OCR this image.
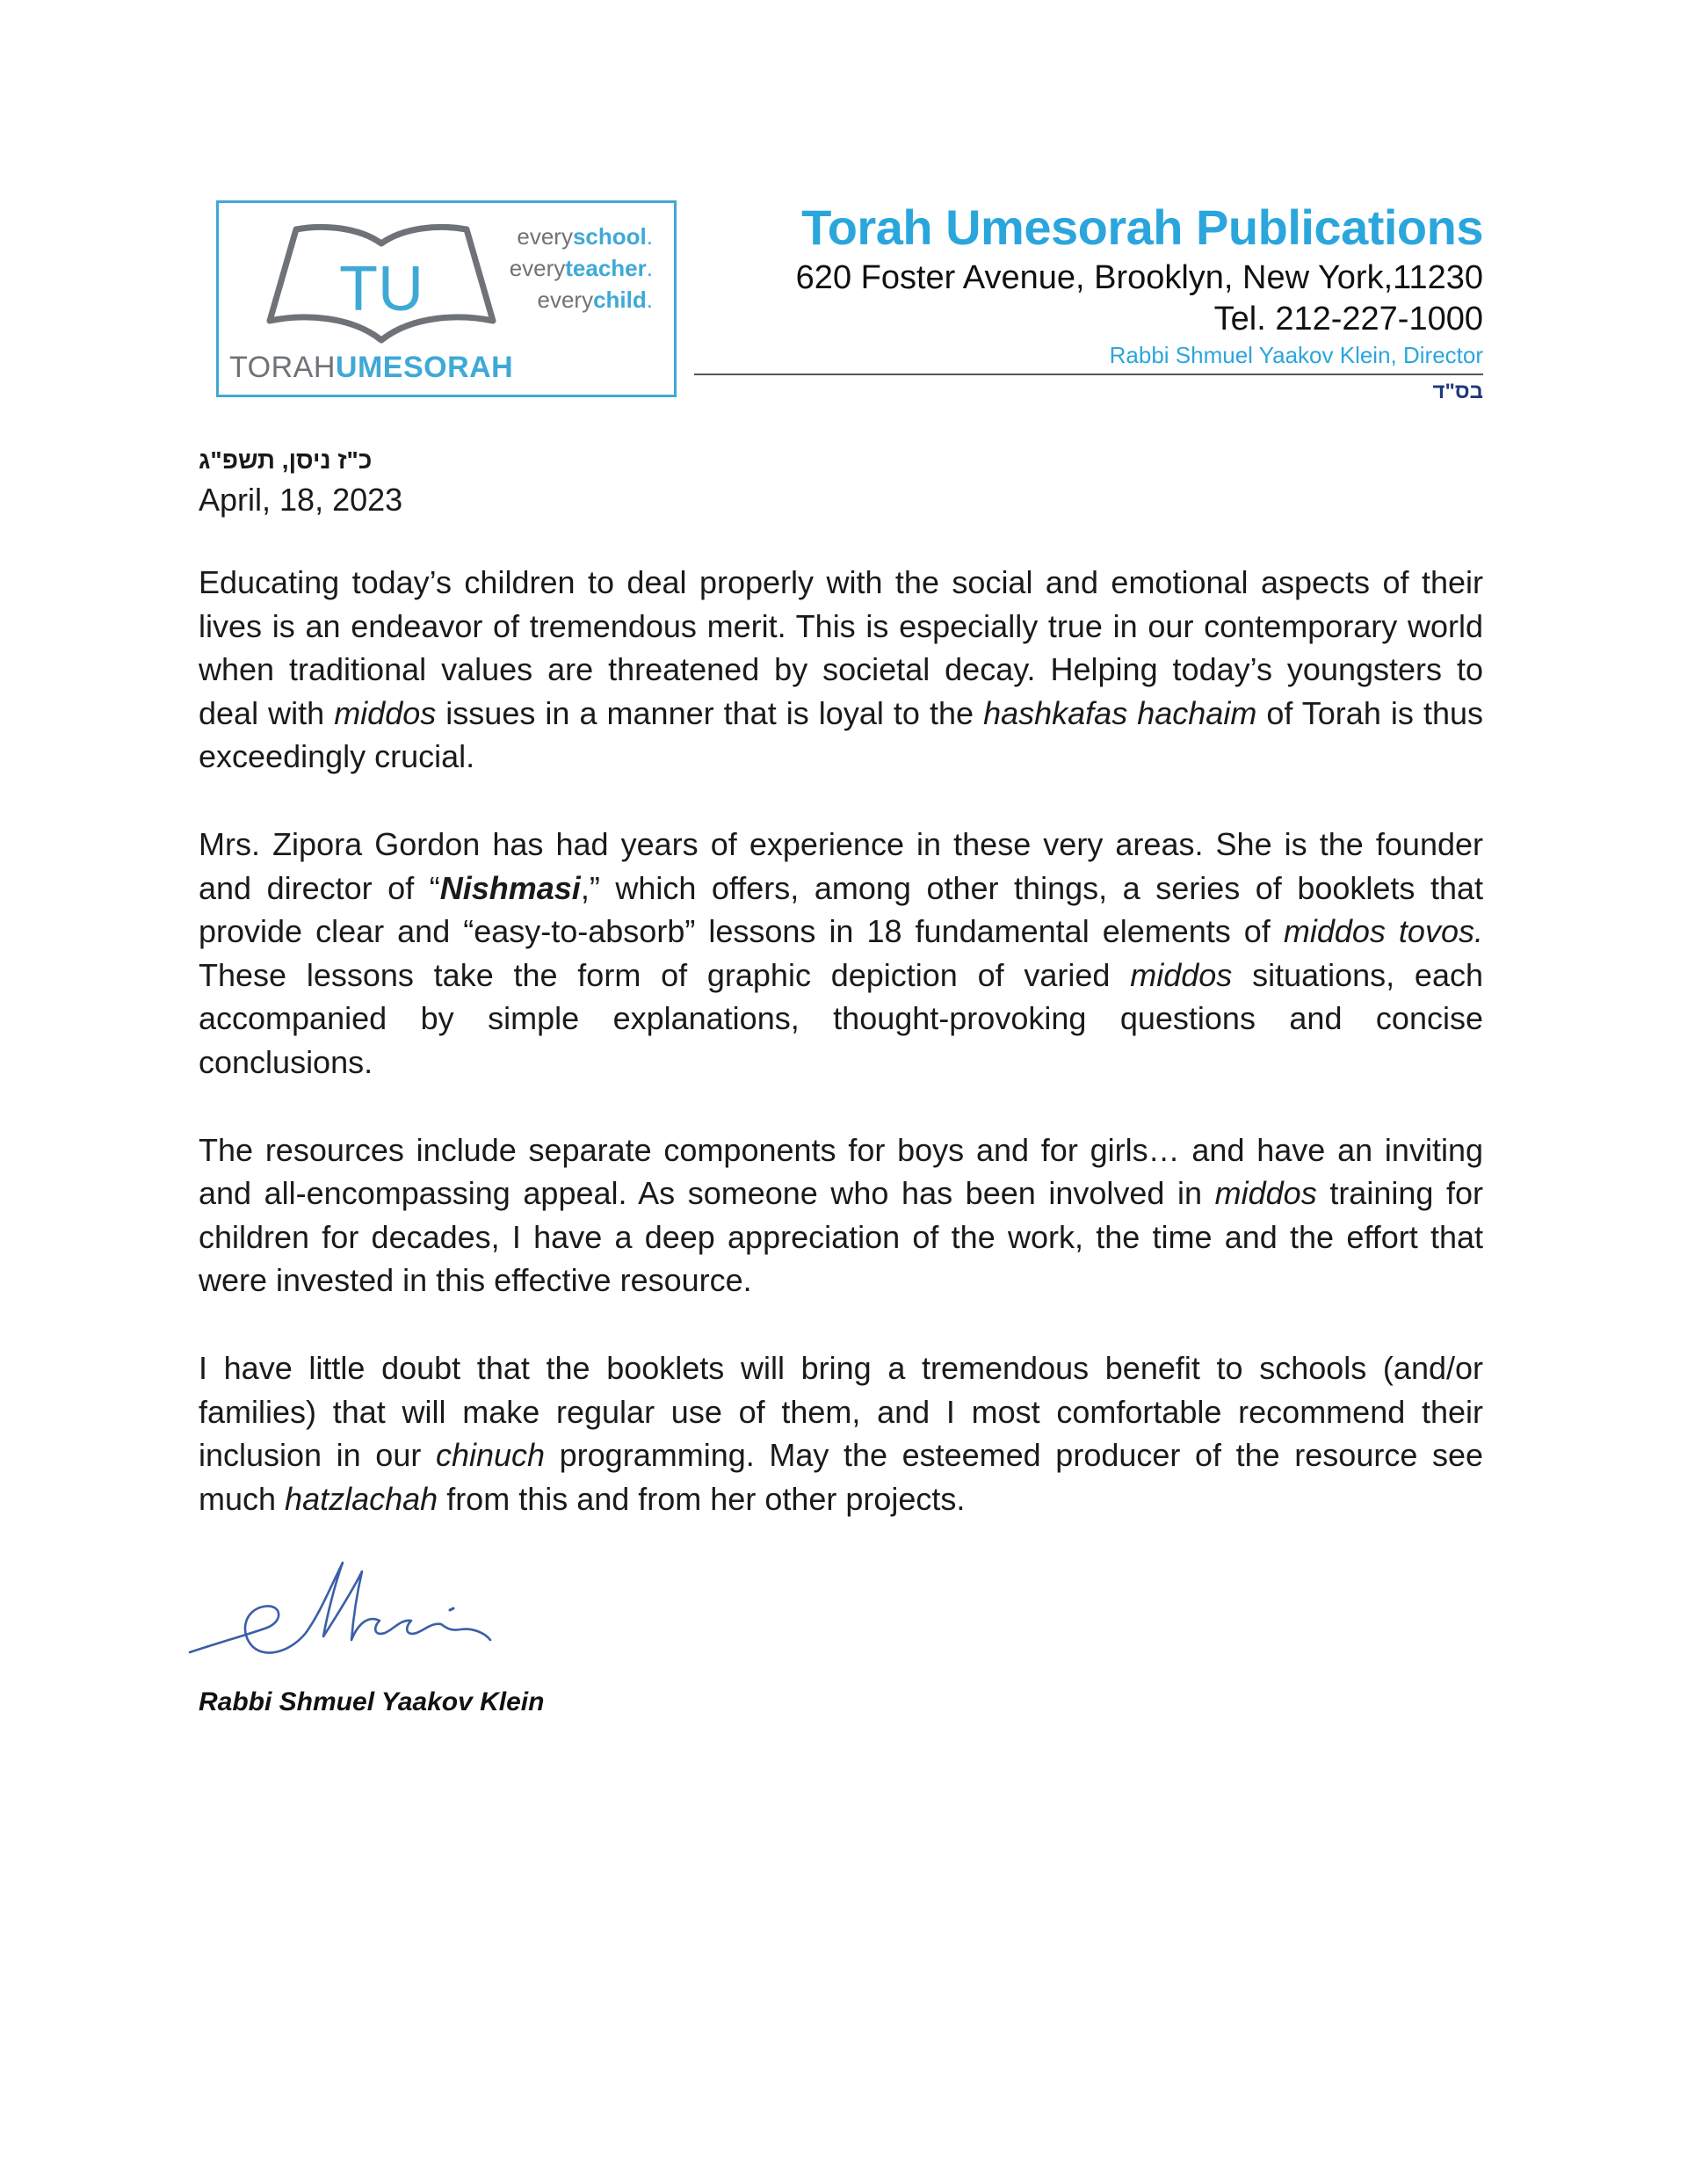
TU
everyschool.
everyteacher.
everychild.
TORAHUMESORAH
Torah Umesorah Publications
620 Foster Avenue, Brooklyn, New York,11230
Tel. 212-227-1000
Rabbi Shmuel Yaakov Klein, Director
בס"ד
כ"ז ניסן, תשפ"ג
April, 18, 2023

Educating today’s children to deal properly with the social and emotional aspects of their lives is an endeavor of tremendous merit. This is especially true in our contemporary world when traditional values are threatened by societal decay. Helping today’s youngsters to deal with middos issues in a manner that is loyal to the hashkafas hachaim of Torah is thus exceedingly crucial.

Mrs. Zipora Gordon has had years of experience in these very areas. She is the founder and director of “Nishmasi,” which offers, among other things, a series of booklets that provide clear and “easy-to-absorb” lessons in 18 fundamental elements of middos tovos. These lessons take the form of graphic depiction of varied middos situations, each accompanied by simple explanations, thought-provoking questions and concise conclusions.

The resources include separate components for boys and for girls… and have an inviting and all-encompassing appeal. As someone who has been involved in middos training for children for decades, I have a deep appreciation of the work, the time and the effort that were invested in this effective resource.

I have little doubt that the booklets will bring a tremendous benefit to schools (and/or families) that will make regular use of them, and I most comfortable recommend their inclusion in our chinuch programming. May the esteemed producer of the resource see much hatzlachah from this and from her other projects.

Rabbi Shmuel Yaakov Klein
